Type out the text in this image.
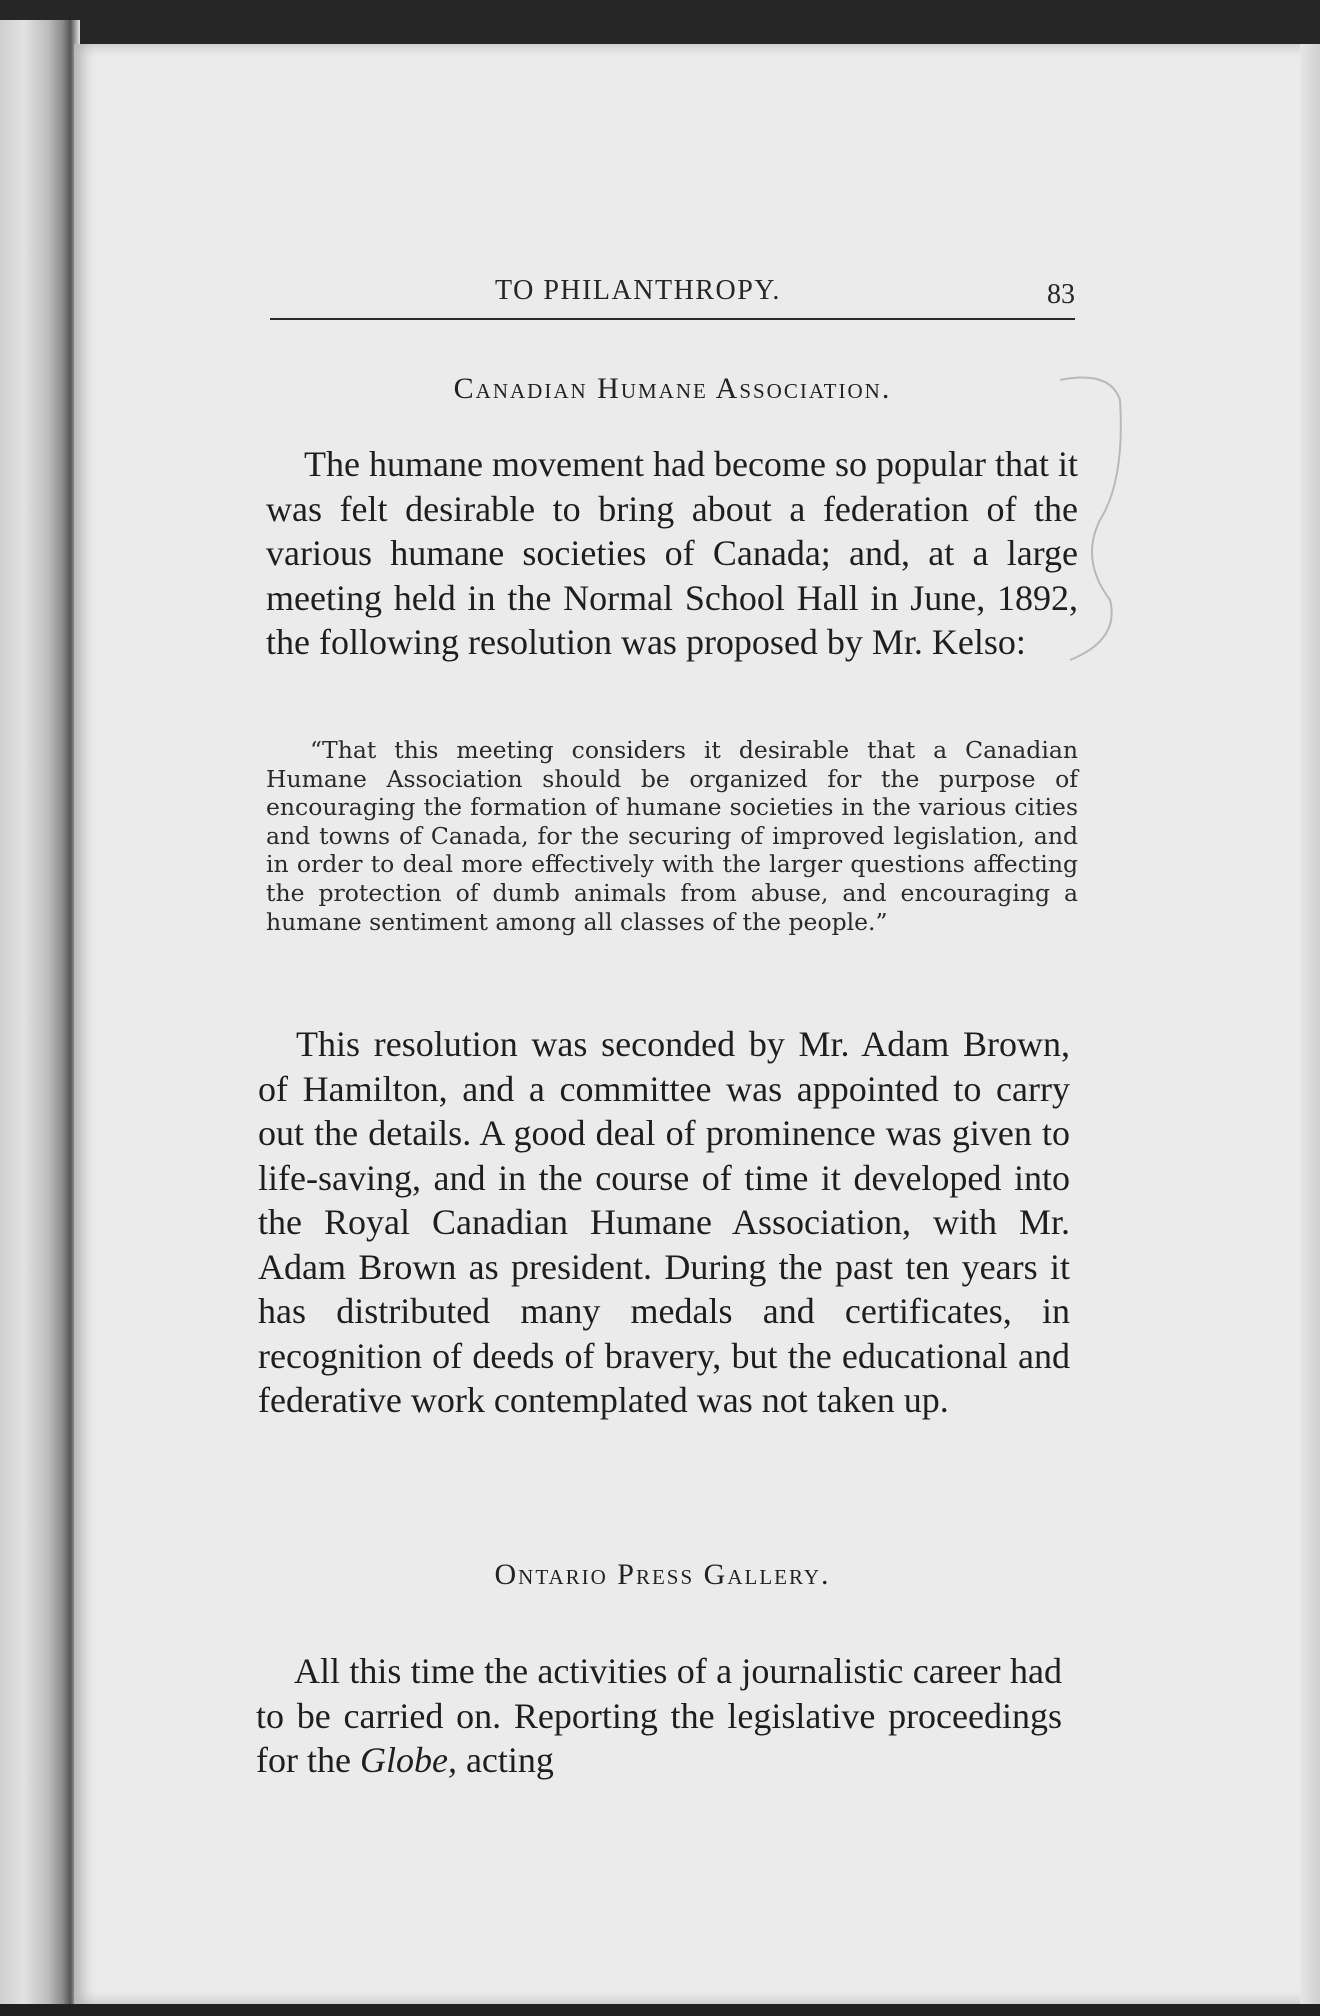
TO PHILANTHROPY.	83
Canadian Humane Association.

The humane movement had become so popular that it was felt desirable to bring about a federation of the various humane societies of Canada; and, at a large meeting held in the Normal School Hall in June, 1892, the following resolution was proposed by Mr. Kelso:

“That this meeting considers it desirable that a Canadian Humane Association should be organized for the purpose of encouraging the formation of humane societies in the various cities and towns of Canada, for the securing of improved legislation, and in order to deal more effectively with the larger questions affecting the protection of dumb animals from abuse, and encouraging a humane sentiment among all classes of the people.”

This resolution was seconded by Mr. Adam Brown, of Hamilton, and a committee was appointed to carry out the details. A good deal of prominence was given to life-saving, and in the course of time it developed into the Royal Canadian Humane Association, with Mr. Adam Brown as president. During the past ten years it has distributed many medals and certificates, in recognition of deeds of bravery, but the educational and federative work contemplated was not taken up.

Ontario Press Gallery.

All this time the activities of a journalistic career had to be carried on. Reporting the legislative proceedings for the Globe, acting
